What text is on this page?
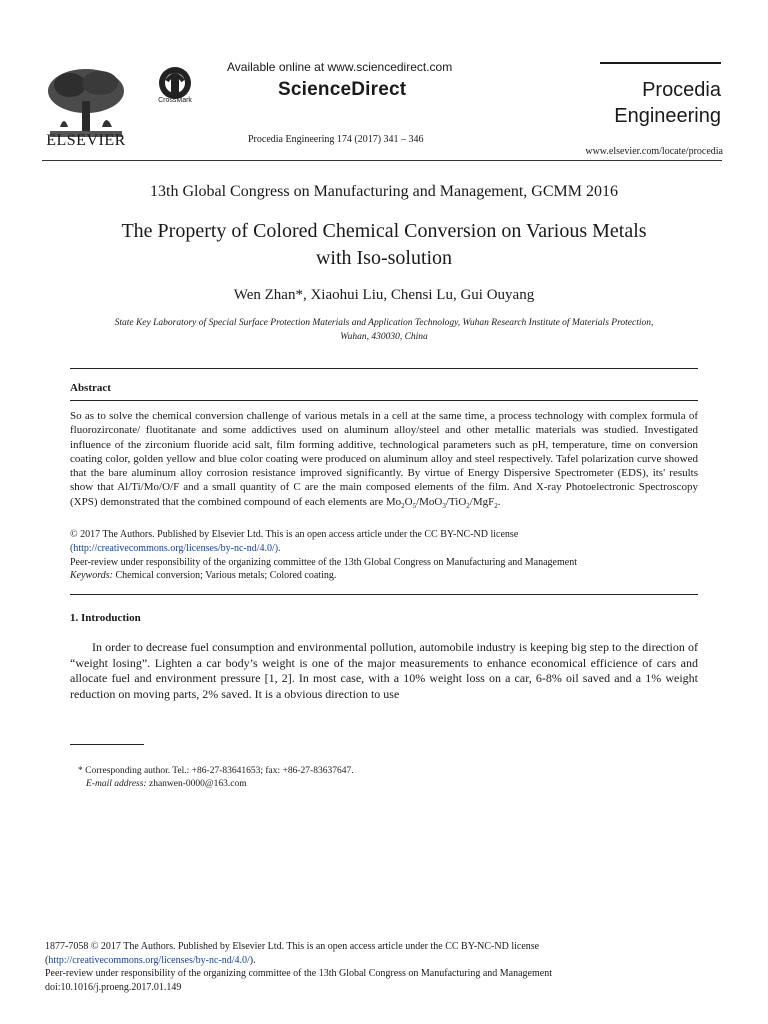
ELSEVIER
CrossMark
Available online at www.sciencedirect.com
ScienceDirect
Procedia Engineering 174 (2017) 341 – 346
Procedia
Engineering
www.elsevier.com/locate/procedia
13th Global Congress on Manufacturing and Management, GCMM 2016
The Property of Colored Chemical Conversion on Various Metals
with Iso-solution
Wen Zhan*, Xiaohui Liu, Chensi Lu, Gui Ouyang
State Key Laboratory of Special Surface Protection Materials and Application Technology, Wuhan Research Institute of Materials Protection,
Wuhan, 430030, China
Abstract
So as to solve the chemical conversion challenge of various metals in a cell at the same time, a process technology with complex formula of fluorozirconate/ fluotitanate and some addictives used on aluminum alloy/steel and other metallic materials was studied. Investigated influence of the zirconium fluoride acid salt, film forming additive, technological parameters such as pH, temperature, time on conversion coating color, golden yellow and blue color coating were produced on aluminum alloy and steel respectively. Tafel polarization curve showed that the bare aluminum alloy corrosion resistance improved significantly. By virtue of Energy Dispersive Spectrometer (EDS), its' results show that Al/Ti/Mo/O/F and a small quantity of C are the main composed elements of the film. And X-ray Photoelectronic Spectroscopy (XPS) demonstrated that the combined compound of each elements are $Mo_2O_5/MoO_3/TiO_2/MgF_2$.
© 2017 The Authors. Published by Elsevier Ltd. This is an open access article under the CC BY-NC-ND license
(http://creativecommons.org/licenses/by-nc-nd/4.0/).
Peer-review under responsibility of the organizing committee of the 13th Global Congress on Manufacturing and Management
Keywords: Chemical conversion; Various metals; Colored coating.
1. Introduction
In order to decrease fuel consumption and environmental pollution, automobile industry is keeping big step to the direction of “weight losing”. Lighten a car body’s weight is one of the major measurements to enhance economical efficience of cars and allocate fuel and environment pressure [1, 2]. In most case, with a 10% weight loss on a car, 6-8% oil saved and a 1% weight reduction on moving parts, 2% saved. It is a obvious direction to use
* Corresponding author. Tel.: +86-27-83641653; fax: +86-27-83637647.
E-mail address: zhanwen-0000@163.com
1877-7058 © 2017 The Authors. Published by Elsevier Ltd. This is an open access article under the CC BY-NC-ND license
(http://creativecommons.org/licenses/by-nc-nd/4.0/).
Peer-review under responsibility of the organizing committee of the 13th Global Congress on Manufacturing and Management
doi:10.1016/j.proeng.2017.01.149
